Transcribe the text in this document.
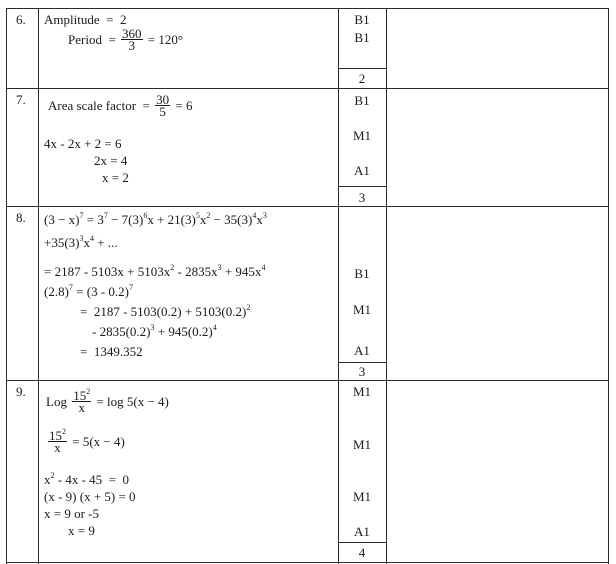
6. Amplitude  =  2
Period  = $\frac{360}{3} = 120^\circ$
B1
B1
2
7. Area scale factor  = $\frac{30}{5} = 6$
4x - 2x + 2 = 6
2x = 4
x = 2
B1
M1
A1
3
8. $(3 - x)^7 = 3^7 - 7(3)^6x + 21(3)^5x^2 - 35(3)^4x^3$
$+35(3)^3x^4$ + ...
= $2187 - 5103x + 5103x^2 - 2835x^3 + 945x^4$
$(2.8)^7 = (3 - 0.2)^7$
=  $2187 - 5103(0.2) + 5103(0.2)^2$
- $2835(0.2)^3 + 945(0.2)^4$
=  1349.352
B1
M1
A1
3
9.
Log $\frac{15^2}{x} = \log 5(x - 4)$
$\frac{15^2}{x} = 5(x - 4)$
$x^2 - 4x - 45 = 0$
(x - 9) (x + 5) = 0
x = 9 or -5
x = 9
M1
M1
M1
A1
4
